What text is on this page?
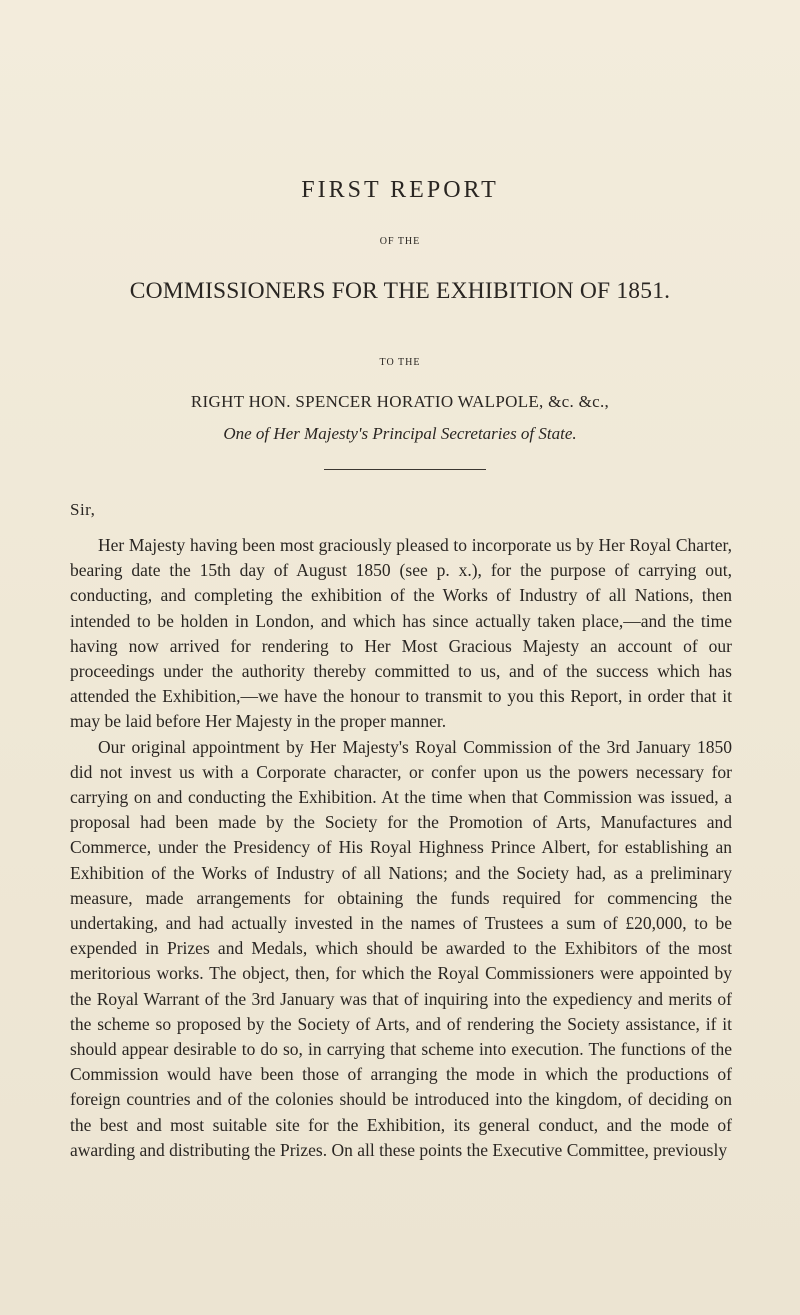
FIRST REPORT
OF THE
COMMISSIONERS FOR THE EXHIBITION OF 1851.
TO THE
RIGHT HON. SPENCER HORATIO WALPOLE, &c. &c.,
One of Her Majesty's Principal Secretaries of State.
Sir,

Her Majesty having been most graciously pleased to incorporate us by Her Royal Charter, bearing date the 15th day of August 1850 (see p. x.), for the purpose of carrying out, conducting, and completing the exhibition of the Works of Industry of all Nations, then intended to be holden in London, and which has since actually taken place,—and the time having now arrived for rendering to Her Most Gracious Majesty an account of our proceedings under the authority thereby committed to us, and of the success which has attended the Exhibition,—we have the honour to transmit to you this Report, in order that it may be laid before Her Majesty in the proper manner.

Our original appointment by Her Majesty's Royal Commission of the 3rd January 1850 did not invest us with a Corporate character, or confer upon us the powers necessary for carrying on and conducting the Exhibition. At the time when that Commission was issued, a proposal had been made by the Society for the Promotion of Arts, Manufactures and Commerce, under the Presidency of His Royal Highness Prince Albert, for establishing an Exhibition of the Works of Industry of all Nations; and the Society had, as a preliminary measure, made arrangements for obtaining the funds required for commencing the undertaking, and had actually invested in the names of Trustees a sum of £20,000, to be expended in Prizes and Medals, which should be awarded to the Exhibitors of the most meritorious works. The object, then, for which the Royal Commissioners were appointed by the Royal Warrant of the 3rd January was that of inquiring into the expediency and merits of the scheme so proposed by the Society of Arts, and of rendering the Society assistance, if it should appear desirable to do so, in carrying that scheme into execution. The functions of the Commission would have been those of arranging the mode in which the productions of foreign countries and of the colonies should be introduced into the kingdom, of deciding on the best and most suitable site for the Exhibition, its general conduct, and the mode of awarding and distributing the Prizes. On all these points the Executive Committee, previously
